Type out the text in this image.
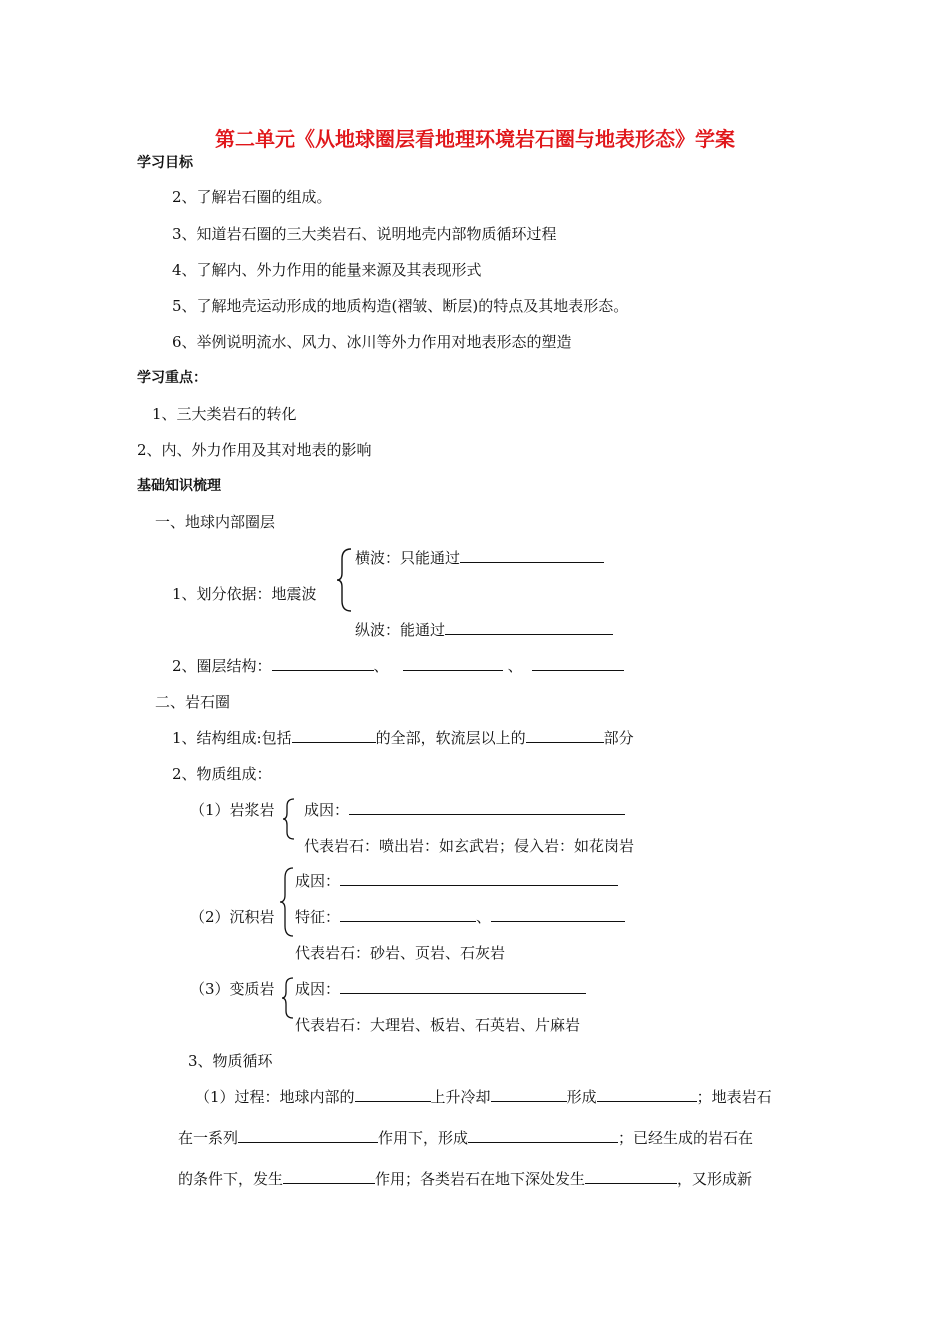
第二单元《从地球圈层看地理环境岩石圈与地表形态》学案
学习目标
2、了解岩石圈的组成。
3、知道岩石圈的三大类岩石、说明地壳内部物质循环过程
4、了解内、外力作用的能量来源及其表现形式
5、了解地壳运动形成的地质构造(褶皱、断层)的特点及其地表形态。
6、举例说明流水、风力、冰川等外力作用对地表形态的塑造
学习重点：
1、三大类岩石的转化
2、内、外力作用及其对地表的影响
基础知识梳理
一、地球内部圈层
1、划分依据：地震波
横波：只能通过
纵波：能通过
2、圈层结构：	、	、
二、岩石圈
1、结构组成:包括	的全部，软流层以上的	部分
2、物质组成：
（1）岩浆岩 成因：
代表岩石：喷出岩：如玄武岩；侵入岩：如花岗岩
（2）沉积岩
成因：
特征：	、
代表岩石：砂岩、页岩、石灰岩
（3）变质岩 成因：
代表岩石：大理岩、板岩、石英岩、片麻岩
3、物质循环
（1）过程：地球内部的	上升冷却	形成	；地表岩石
在一系列	作用下，形成	；已经生成的岩石在
的条件下，发生	作用；各类岩石在地下深处发生	，又形成新
